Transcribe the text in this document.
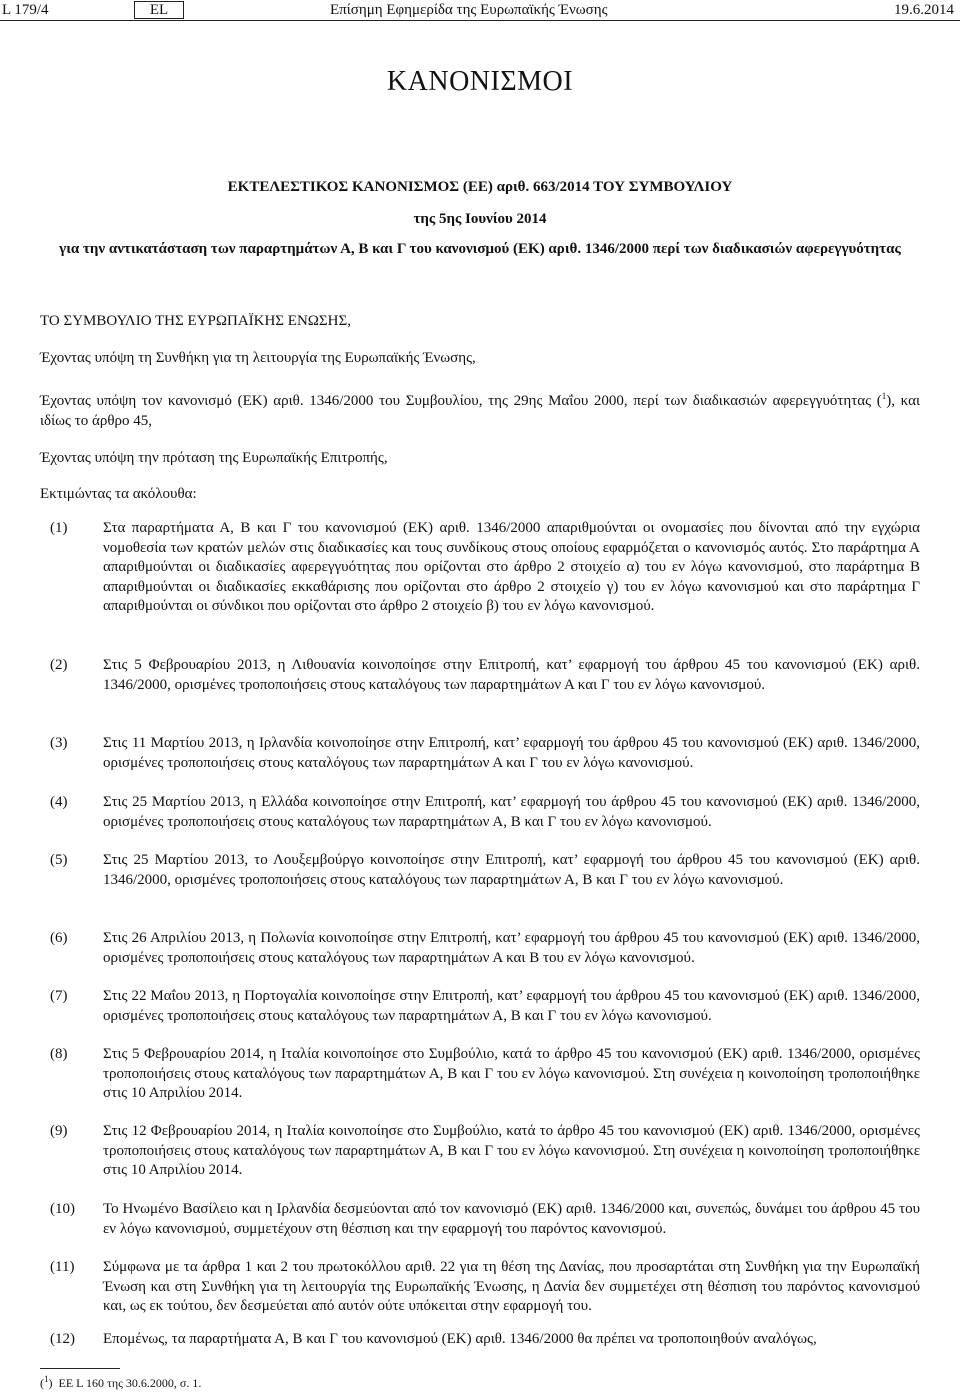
L 179/4	EL	Επίσημη Εφημερίδα της Ευρωπαϊκής Ένωσης	19.6.2014
ΚΑΝΟΝΙΣΜΟΙ
ΕΚΤΕΛΕΣΤΙΚΟΣ ΚΑΝΟΝΙΣΜΟΣ (ΕΕ) αριθ. 663/2014 ΤΟΥ ΣΥΜΒΟΥΛΙΟΥ
της 5ης Ιουνίου 2014
για την αντικατάσταση των παραρτημάτων Α, Β και Γ του κανονισμού (ΕΚ) αριθ. 1346/2000 περί των διαδικασιών αφερεγγυότητας
ΤΟ ΣΥΜΒΟΥΛΙΟ ΤΗΣ ΕΥΡΩΠΑΪΚΗΣ ΕΝΩΣΗΣ,
Έχοντας υπόψη τη Συνθήκη για τη λειτουργία της Ευρωπαϊκής Ένωσης,
Έχοντας υπόψη τον κανονισμό (ΕΚ) αριθ. 1346/2000 του Συμβουλίου, της 29ης Μαΐου 2000, περί των διαδικασιών αφερεγγυότητας ($^1$), και ιδίως το άρθρο 45,
Έχοντας υπόψη την πρόταση της Ευρωπαϊκής Επιτροπής,
Εκτιμώντας τα ακόλουθα:
(1) Στα παραρτήματα Α, Β και Γ του κανονισμού (ΕΚ) αριθ. 1346/2000 απαριθμούνται οι ονομασίες που δίνονται από την εγχώρια νομοθεσία των κρατών μελών στις διαδικασίες και τους συνδίκους στους οποίους εφαρμόζεται ο κανονισμός αυτός. Στο παράρτημα Α απαριθμούνται οι διαδικασίες αφερεγγυότητας που ορίζονται στο άρθρο 2 στοιχείο α) του εν λόγω κανονισμού, στο παράρτημα Β απαριθμούνται οι διαδικασίες εκκαθάρισης που ορίζονται στο άρθρο 2 στοιχείο γ) του εν λόγω κανονισμού και στο παράρτημα Γ απαριθμούνται οι σύνδικοι που ορίζονται στο άρθρο 2 στοιχείο β) του εν λόγω κανονισμού.
(2) Στις 5 Φεβρουαρίου 2013, η Λιθουανία κοινοποίησε στην Επιτροπή, κατ’ εφαρμογή του άρθρου 45 του κανονισμού (ΕΚ) αριθ. 1346/2000, ορισμένες τροποποιήσεις στους καταλόγους των παραρτημάτων Α και Γ του εν λόγω κανονισμού.
(3) Στις 11 Μαρτίου 2013, η Ιρλανδία κοινοποίησε στην Επιτροπή, κατ’ εφαρμογή του άρθρου 45 του κανονισμού (ΕΚ) αριθ. 1346/2000, ορισμένες τροποποιήσεις στους καταλόγους των παραρτημάτων Α και Γ του εν λόγω κανονισμού.
(4) Στις 25 Μαρτίου 2013, η Ελλάδα κοινοποίησε στην Επιτροπή, κατ’ εφαρμογή του άρθρου 45 του κανονισμού (ΕΚ) αριθ. 1346/2000, ορισμένες τροποποιήσεις στους καταλόγους των παραρτημάτων Α, Β και Γ του εν λόγω κανονισμού.
(5) Στις 25 Μαρτίου 2013, το Λουξεμβούργο κοινοποίησε στην Επιτροπή, κατ’ εφαρμογή του άρθρου 45 του κανονισμού (ΕΚ) αριθ. 1346/2000, ορισμένες τροποποιήσεις στους καταλόγους των παραρτημάτων Α, Β και Γ του εν λόγω κανονισμού.
(6) Στις 26 Απριλίου 2013, η Πολωνία κοινοποίησε στην Επιτροπή, κατ’ εφαρμογή του άρθρου 45 του κανονισμού (ΕΚ) αριθ. 1346/2000, ορισμένες τροποποιήσεις στους καταλόγους των παραρτημάτων Α και Β του εν λόγω κανονισμού.
(7) Στις 22 Μαΐου 2013, η Πορτογαλία κοινοποίησε στην Επιτροπή, κατ’ εφαρμογή του άρθρου 45 του κανονισμού (ΕΚ) αριθ. 1346/2000, ορισμένες τροποποιήσεις στους καταλόγους των παραρτημάτων Α, Β και Γ του εν λόγω κανονισμού.
(8) Στις 5 Φεβρουαρίου 2014, η Ιταλία κοινοποίησε στο Συμβούλιο, κατά το άρθρο 45 του κανονισμού (ΕΚ) αριθ. 1346/2000, ορισμένες τροποποιήσεις στους καταλόγους των παραρτημάτων Α, Β και Γ του εν λόγω κανονισμού. Στη συνέχεια η κοινοποίηση τροποποιήθηκε στις 10 Απριλίου 2014.
(9) Στις 12 Φεβρουαρίου 2014, η Ιταλία κοινοποίησε στο Συμβούλιο, κατά το άρθρο 45 του κανονισμού (ΕΚ) αριθ. 1346/2000, ορισμένες τροποποιήσεις στους καταλόγους των παραρτημάτων Α, Β και Γ του εν λόγω κανονισμού. Στη συνέχεια η κοινοποίηση τροποποιήθηκε στις 10 Απριλίου 2014.
(10) Το Ηνωμένο Βασίλειο και η Ιρλανδία δεσμεύονται από τον κανονισμό (ΕΚ) αριθ. 1346/2000 και, συνεπώς, δυνάμει του άρθρου 45 του εν λόγω κανονισμού, συμμετέχουν στη θέσπιση και την εφαρμογή του παρόντος κανονισμού.
(11) Σύμφωνα με τα άρθρα 1 και 2 του πρωτοκόλλου αριθ. 22 για τη θέση της Δανίας, που προσαρτάται στη Συνθήκη για την Ευρωπαϊκή Ένωση και στη Συνθήκη για τη λειτουργία της Ευρωπαϊκής Ένωσης, η Δανία δεν συμμετέχει στη θέσπιση του παρόντος κανονισμού και, ως εκ τούτου, δεν δεσμεύεται από αυτόν ούτε υπόκειται στην εφαρμογή του.
(12) Επομένως, τα παραρτήματα Α, Β και Γ του κανονισμού (ΕΚ) αριθ. 1346/2000 θα πρέπει να τροποποιηθούν αναλόγως,
($^1$)  ΕΕ L 160 της 30.6.2000, σ. 1.
